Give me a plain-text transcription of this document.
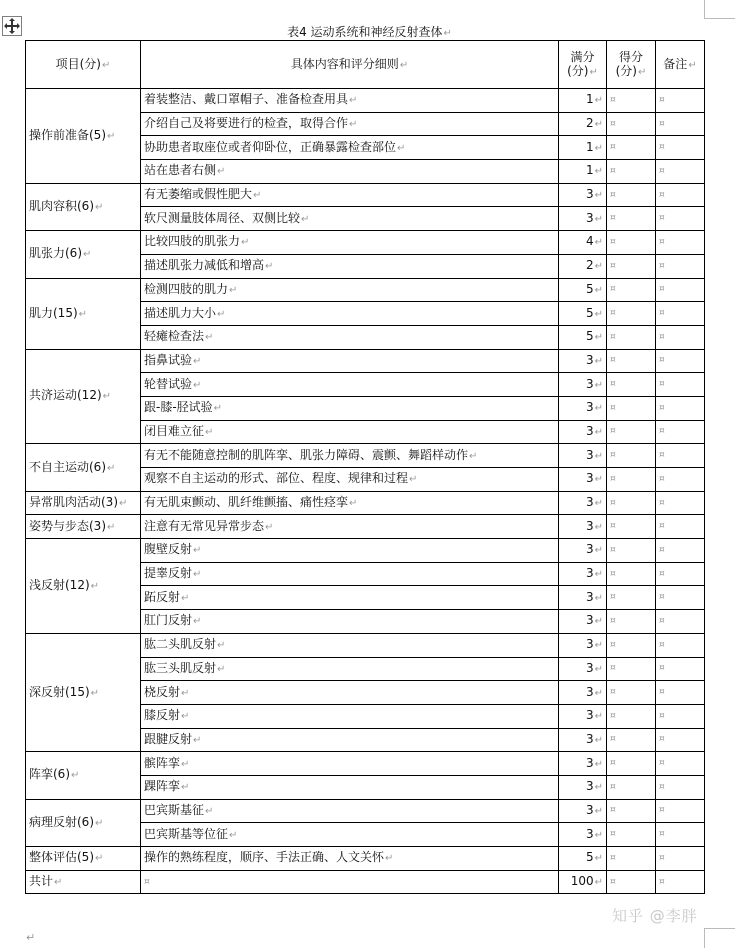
表4 运动系统和神经反射查体↵
项目(分)↵	具体内容和评分细则↵	满分(分)↵	得分(分)↵	备注↵
操作前准备(5)↵	着装整洁、戴口罩帽子、准备检查用具↵	1↵	¤	¤

	介绍自己及将要进行的检查，取得合作↵	2↵	¤	¤

	协助患者取座位或者仰卧位，正确暴露检查部位↵	1↵	¤	¤

	站在患者右侧↵	1↵	¤	¤

肌肉容积(6)↵	有无萎缩或假性肥大↵	3↵	¤	¤

	软尺测量肢体周径、双侧比较↵	3↵	¤	¤

肌张力(6)↵	比较四肢的肌张力↵	4↵	¤	¤

	描述肌张力减低和增高↵	2↵	¤	¤

肌力(15)↵	检测四肢的肌力↵	5↵	¤	¤

	描述肌力大小↵	5↵	¤	¤

	轻瘫检查法↵	5↵	¤	¤

共济运动(12)↵	指鼻试验↵	3↵	¤	¤

	轮替试验↵	3↵	¤	¤

	跟-膝-胫试验↵	3↵	¤	¤

	闭目难立征↵	3↵	¤	¤

不自主运动(6)↵	有无不能随意控制的肌阵挛、肌张力障碍、震颤、舞蹈样动作↵	3↵	¤	¤

	观察不自主运动的形式、部位、程度、规律和过程↵	3↵	¤	¤

异常肌肉活动(3)↵	有无肌束颤动、肌纤维颤搐、痛性痉挛↵	3↵	¤	¤

姿势与步态(3)↵	注意有无常见异常步态↵	3↵	¤	¤

浅反射(12)↵	腹壁反射↵	3↵	¤	¤

	提睾反射↵	3↵	¤	¤

	跖反射↵	3↵	¤	¤

	肛门反射↵	3↵	¤	¤

深反射(15)↵	肱二头肌反射↵	3↵	¤	¤

	肱三头肌反射↵	3↵	¤	¤

	桡反射↵	3↵	¤	¤

	膝反射↵	3↵	¤	¤

	跟腱反射↵	3↵	¤	¤

阵挛(6)↵	髌阵挛↵	3↵	¤	¤

	踝阵挛↵	3↵	¤	¤

病理反射(6)↵	巴宾斯基征↵	3↵	¤	¤

	巴宾斯基等位征↵	3↵	¤	¤

整体评估(5)↵	操作的熟练程度，顺序、手法正确、人文关怀↵	5↵	¤	¤

共计↵	¤	100↵	¤	¤
↵
知乎 @李胖
